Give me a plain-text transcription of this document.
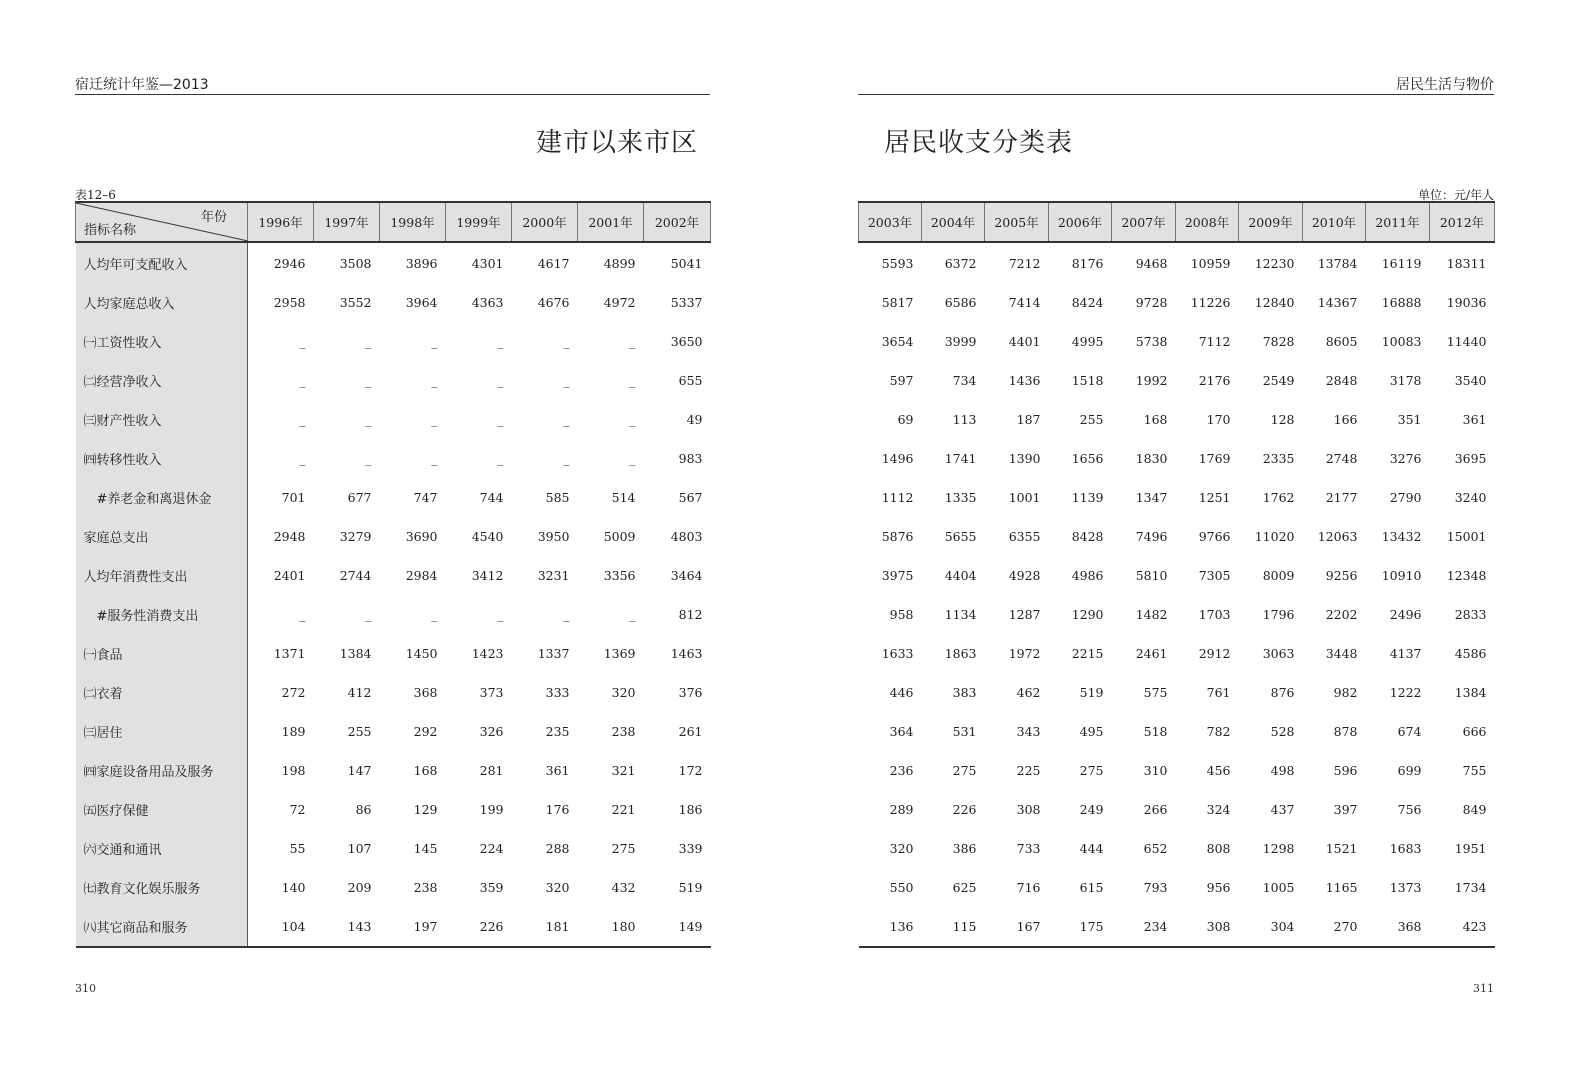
宿迁统计年鉴—2013
建市以来市区
表12–6
年份
指标名称	1996年	1997年	1998年	1999年	2000年	2001年	2002年
人均年可支配收入	2946	3508	3896	4301	4617	4899	5041
人均家庭总收入	2958	3552	3964	4363	4676	4972	5337
㈠工资性收入	_	_	_	_	_	_	3650
㈡经营净收入	_	_	_	_	_	_	655
㈢财产性收入	_	_	_	_	_	_	49
㈣转移性收入	_	_	_	_	_	_	983
　#养老金和离退休金	701	677	747	744	585	514	567
家庭总支出	2948	3279	3690	4540	3950	5009	4803
人均年消费性支出	2401	2744	2984	3412	3231	3356	3464
　#服务性消费支出	_	_	_	_	_	_	812
㈠食品	1371	1384	1450	1423	1337	1369	1463
㈡衣着	272	412	368	373	333	320	376
㈢居住	189	255	292	326	235	238	261
㈣家庭设备用品及服务	198	147	168	281	361	321	172
㈤医疗保健	72	86	129	199	176	221	186
㈥交通和通讯	55	107	145	224	288	275	339
㈦教育文化娱乐服务	140	209	238	359	320	432	519
㈧其它商品和服务	104	143	197	226	181	180	149
310
居民生活与物价
居民收支分类表
单位：元/年人
2003年	2004年	2005年	2006年	2007年	2008年	2009年	2010年	2011年	2012年
5593	6372	7212	8176	9468	10959	12230	13784	16119	18311
5817	6586	7414	8424	9728	11226	12840	14367	16888	19036
3654	3999	4401	4995	5738	7112	7828	8605	10083	11440
597	734	1436	1518	1992	2176	2549	2848	3178	3540
69	113	187	255	168	170	128	166	351	361
1496	1741	1390	1656	1830	1769	2335	2748	3276	3695
1112	1335	1001	1139	1347	1251	1762	2177	2790	3240
5876	5655	6355	8428	7496	9766	11020	12063	13432	15001
3975	4404	4928	4986	5810	7305	8009	9256	10910	12348
958	1134	1287	1290	1482	1703	1796	2202	2496	2833
1633	1863	1972	2215	2461	2912	3063	3448	4137	4586
446	383	462	519	575	761	876	982	1222	1384
364	531	343	495	518	782	528	878	674	666
236	275	225	275	310	456	498	596	699	755
289	226	308	249	266	324	437	397	756	849
320	386	733	444	652	808	1298	1521	1683	1951
550	625	716	615	793	956	1005	1165	1373	1734
136	115	167	175	234	308	304	270	368	423
311
